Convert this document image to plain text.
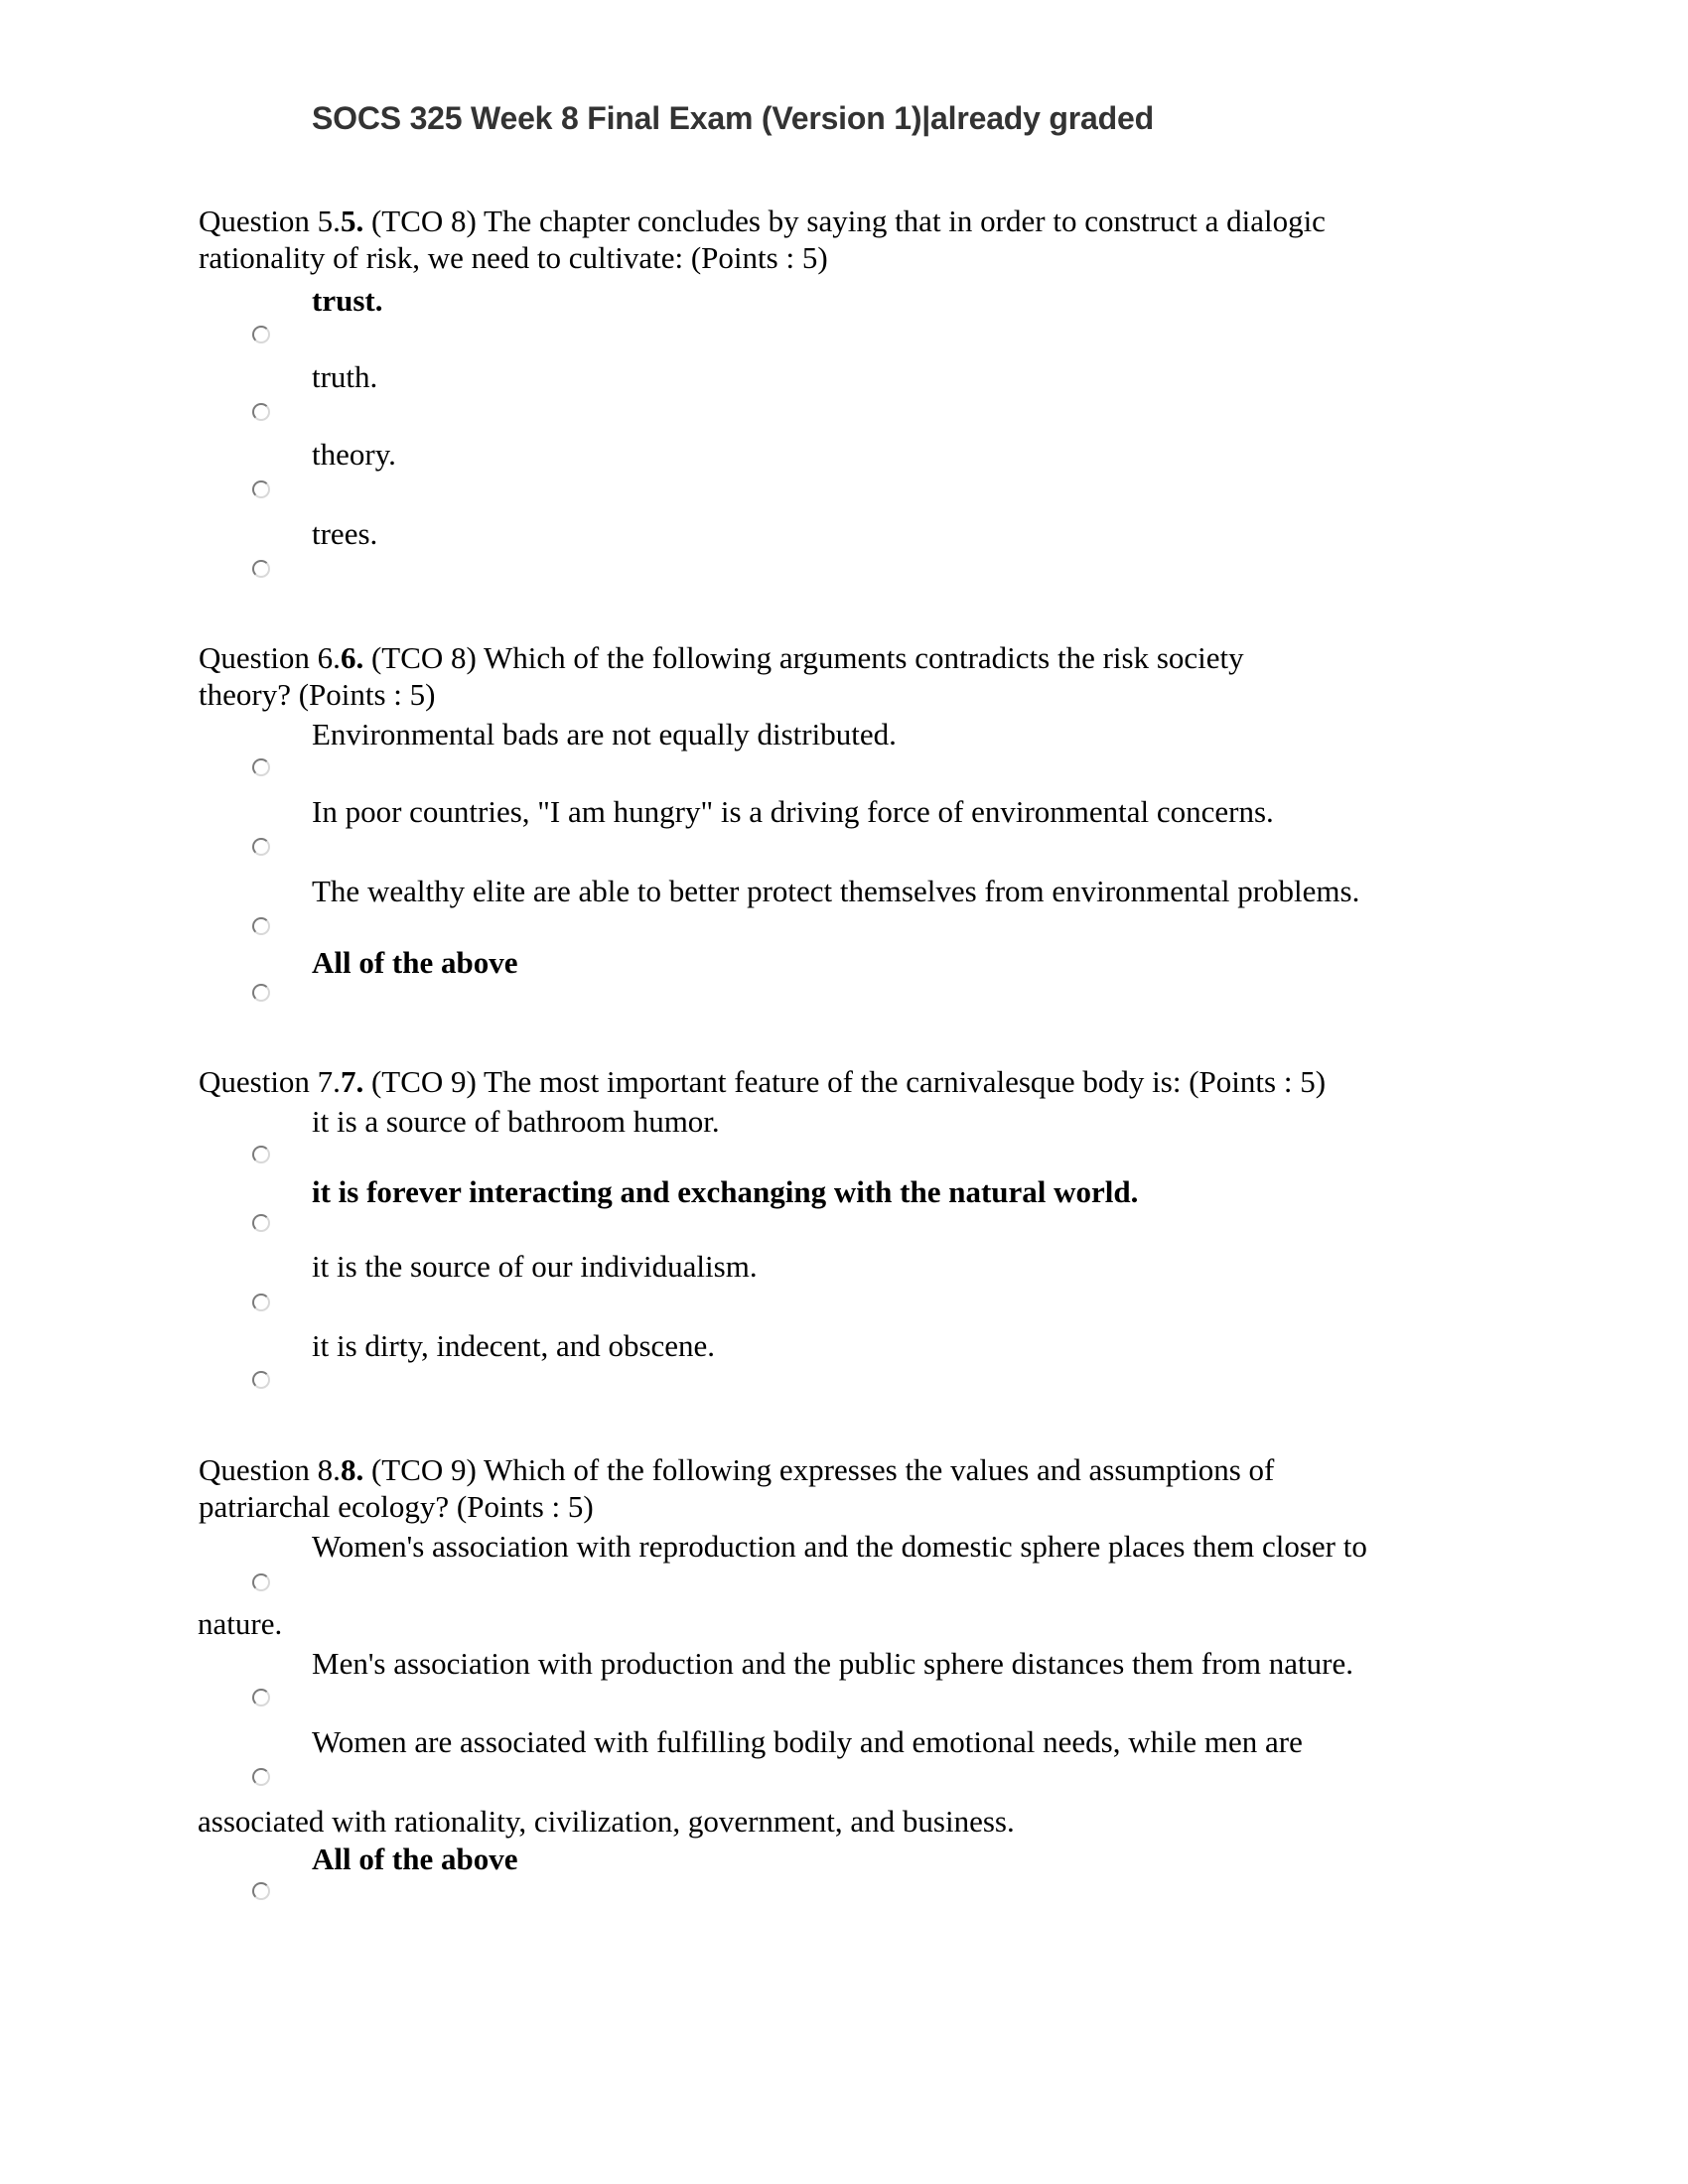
SOCS 325 Week 8 Final Exam (Version 1)|already graded
Question 5.5. (TCO 8) The chapter concludes by saying that in order to construct a dialogic
rationality of risk, we need to cultivate: (Points : 5)
trust.
truth.
theory.
trees.
Question 6.6. (TCO 8) Which of the following arguments contradicts the risk society
theory? (Points : 5)
Environmental bads are not equally distributed.
In poor countries, "I am hungry" is a driving force of environmental concerns.
The wealthy elite are able to better protect themselves from environmental problems.
All of the above
Question 7.7. (TCO 9) The most important feature of the carnivalesque body is: (Points : 5)
it is a source of bathroom humor.
it is forever interacting and exchanging with the natural world.
it is the source of our individualism.
it is dirty, indecent, and obscene.
Question 8.8. (TCO 9) Which of the following expresses the values and assumptions of
patriarchal ecology? (Points : 5)
Women's association with reproduction and the domestic sphere places them closer to
nature.
Men's association with production and the public sphere distances them from nature.
Women are associated with fulfilling bodily and emotional needs, while men are
associated with rationality, civilization, government, and business.
All of the above
